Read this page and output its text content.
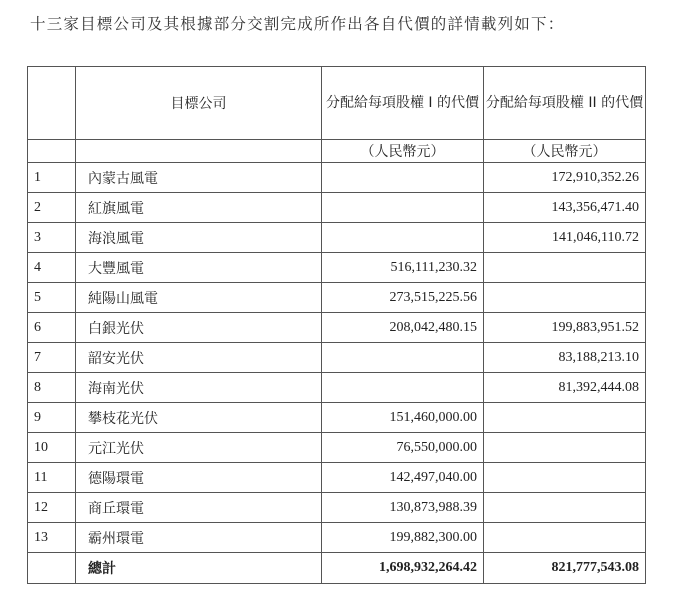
十三家目標公司及其根據部分交割完成所作出各自代價的詳情載列如下：
	目標公司	分配給每項股權 I 的代價	分配給每項股權 II 的代價
		（人民幣元）	（人民幣元）
1	內蒙古風電		172,910,352.26
2	紅旗風電		143,356,471.40
3	海浪風電		141,046,110.72
4	大豐風電	516,111,230.32	
5	純陽山風電	273,515,225.56	
6	白銀光伏	208,042,480.15	199,883,951.52
7	韶安光伏		83,188,213.10
8	海南光伏		81,392,444.08
9	攀枝花光伏	151,460,000.00	
10	元江光伏	76,550,000.00	
11	德陽環電	142,497,040.00	
12	商丘環電	130,873,988.39	
13	霸州環電	199,882,300.00	
	總計	1,698,932,264.42	821,777,543.08
